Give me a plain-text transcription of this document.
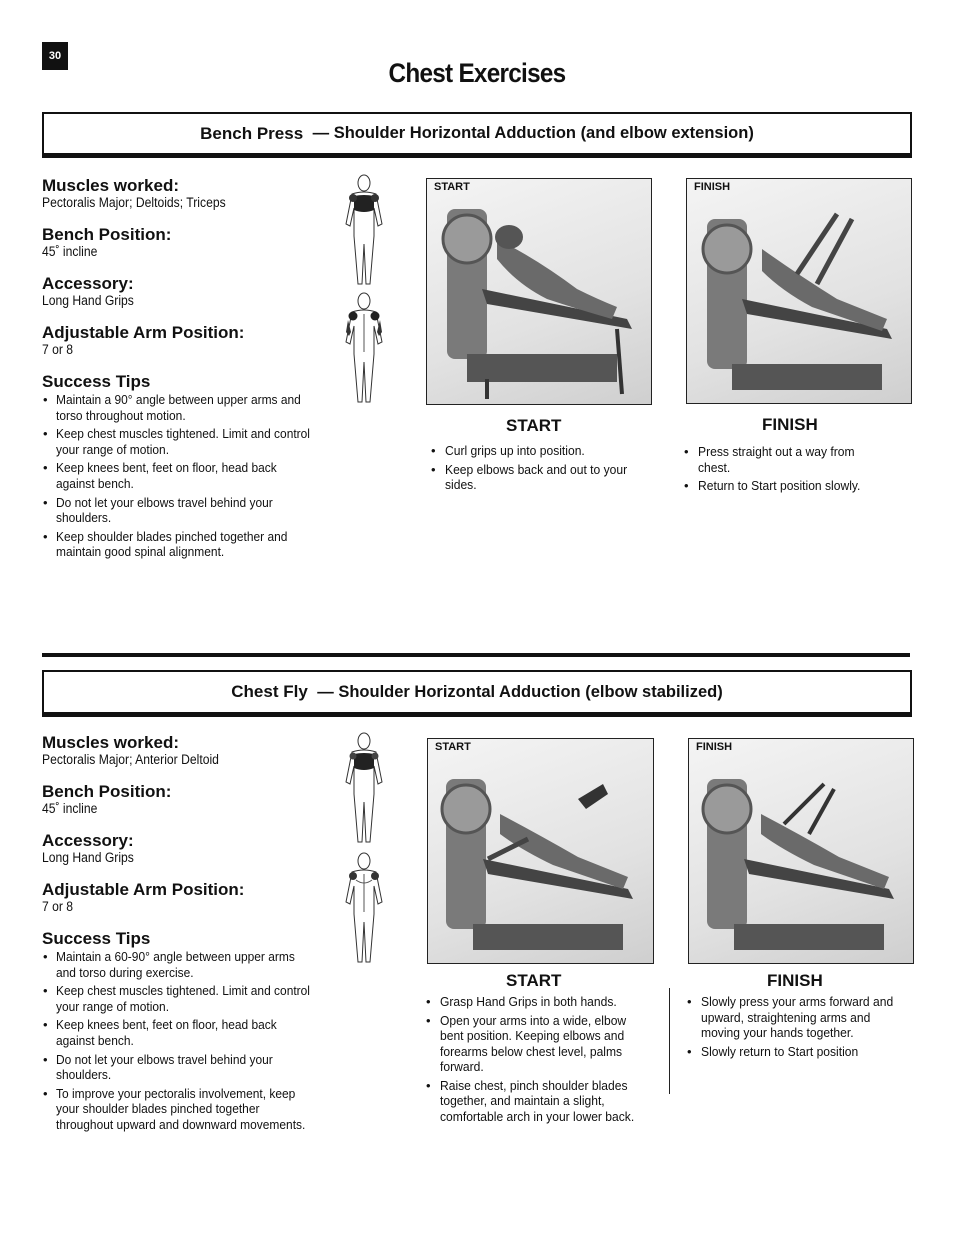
30
Chest Exercises
Bench Press
— Shoulder Horizontal Adduction (and elbow extension)
Muscles worked:
Pectoralis Major; Deltoids; Triceps
Bench Position:
45˚ incline
Accessory:
Long Hand Grips
Adjustable Arm Position:
7 or 8
Success Tips
• Maintain a 90° angle between upper arms and torso throughout motion.
• Keep chest muscles tightened. Limit and control your range of motion.
• Keep knees bent, feet on floor, head back against bench.
• Do not let your elbows travel behind your shoulders.
• Keep shoulder blades pinched together and maintain good spinal alignment.
START	FINISH
START	FINISH
• Curl grips up into position.
• Keep elbows back and out to your sides.
• Press straight out a way from chest.
• Return to Start position slowly.
Chest Fly
— Shoulder Horizontal Adduction (elbow stabilized)
Muscles worked:
Pectoralis Major; Anterior Deltoid
Bench Position:
45˚ incline
Accessory:
Long Hand Grips
Adjustable Arm Position:
7 or 8
Success Tips
• Maintain a 60-90° angle between upper arms and torso during exercise.
• Keep chest muscles tightened. Limit and control your range of motion.
• Keep knees bent, feet on floor, head back against bench.
• Do not let your elbows travel behind your shoulders.
• To improve your pectoralis involvement, keep your shoulder blades pinched together throughout upward and downward movements.
START	FINISH
START	FINISH
• Grasp Hand Grips in both hands.
• Open your arms into a wide, elbow bent position. Keeping elbows and forearms below chest level, palms forward.
• Raise chest, pinch shoulder blades together, and maintain a slight, comfortable arch in your lower back.
• Slowly press your arms forward and upward, straightening arms and moving your hands together.
• Slowly return to Start position
